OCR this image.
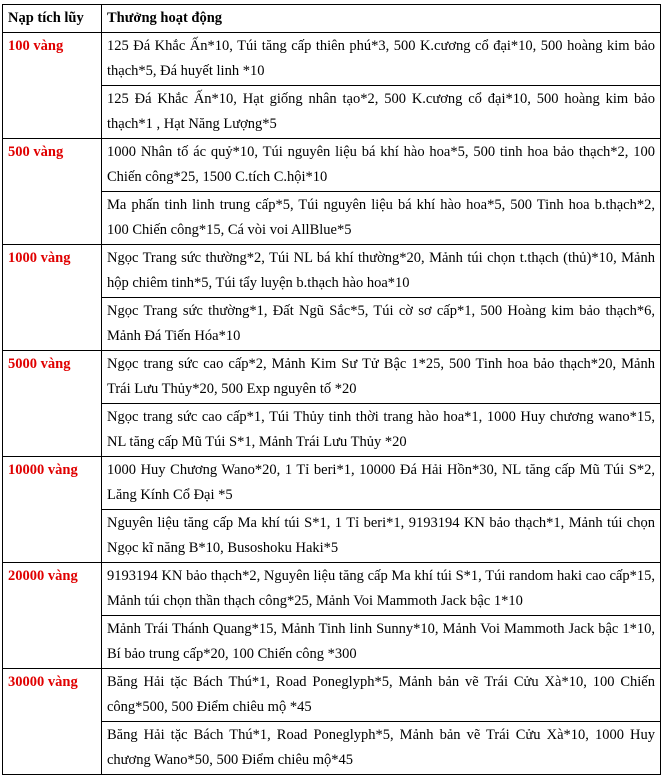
Nạp tích lũy	Thưởng hoạt động
100 vàng	125 Đá Khắc Ấn*10, Túi tăng cấp thiên phú*3, 500 K.cương cổ đại*10, 500 hoàng kim bảo thạch*5, Đá huyết linh *10
	125 Đá Khắc Ấn*10, Hạt giống nhân tạo*2, 500 K.cương cổ đại*10, 500 hoàng kim bảo thạch*1 , Hạt Năng Lượng*5
500 vàng	1000 Nhân tố ác quỷ*10, Túi nguyên liệu bá khí hào hoa*5, 500 tinh hoa bảo thạch*2, 100 Chiến công*25, 1500 C.tích C.hội*10
	Ma phấn tinh linh trung cấp*5, Túi nguyên liệu bá khí hào hoa*5, 500 Tinh hoa b.thạch*2, 100 Chiến công*15, Cá vòi voi AllBlue*5
1000 vàng	Ngọc Trang sức thường*2, Túi NL bá khí thường*20, Mảnh túi chọn t.thạch (thủ)*10, Mảnh hộp chiêm tinh*5, Túi tẩy luyện b.thạch hào hoa*10
	Ngọc Trang sức thường*1, Đất Ngũ Sắc*5, Túi cờ sơ cấp*1, 500 Hoàng kim bảo thạch*6, Mảnh Đá Tiến Hóa*10
5000 vàng	Ngọc trang sức cao cấp*2, Mảnh Kim Sư Tử Bậc 1*25, 500 Tinh hoa bảo thạch*20, Mảnh Trái Lưu Thủy*20, 500 Exp nguyên tố *20
	Ngọc trang sức cao cấp*1, Túi Thủy tinh thời trang hào hoa*1, 1000 Huy chương wano*15, NL tăng cấp Mũ Túi S*1, Mảnh Trái Lưu Thủy *20
10000 vàng	1000 Huy Chương Wano*20, 1 Tỉ beri*1, 10000 Đá Hải Hồn*30, NL tăng cấp Mũ Túi S*2, Lăng Kính Cổ Đại *5
	Nguyên liệu tăng cấp Ma khí túi S*1, 1 Tỉ beri*1, 9193194 KN bảo thạch*1, Mảnh túi chọn Ngọc kĩ năng B*10, Busoshoku Haki*5
20000 vàng	9193194 KN bảo thạch*2, Nguyên liệu tăng cấp Ma khí túi S*1, Túi random haki cao cấp*15, Mảnh túi chọn thần thạch công*25, Mảnh Voi Mammoth Jack bậc 1*10
	Mảnh Trái Thánh Quang*15, Mảnh Tinh linh Sunny*10, Mảnh Voi Mammoth Jack bậc 1*10, Bí bảo trung cấp*20, 100 Chiến công *300
30000 vàng	Băng Hải tặc Bách Thú*1, Road Poneglyph*5, Mảnh bản vẽ Trái Cửu Xà*10, 100 Chiến công*500, 500 Điểm chiêu mộ *45
	Băng Hải tặc Bách Thú*1, Road Poneglyph*5, Mảnh bản vẽ Trái Cửu Xà*10, 1000 Huy chương Wano*50, 500 Điểm chiêu mộ*45
